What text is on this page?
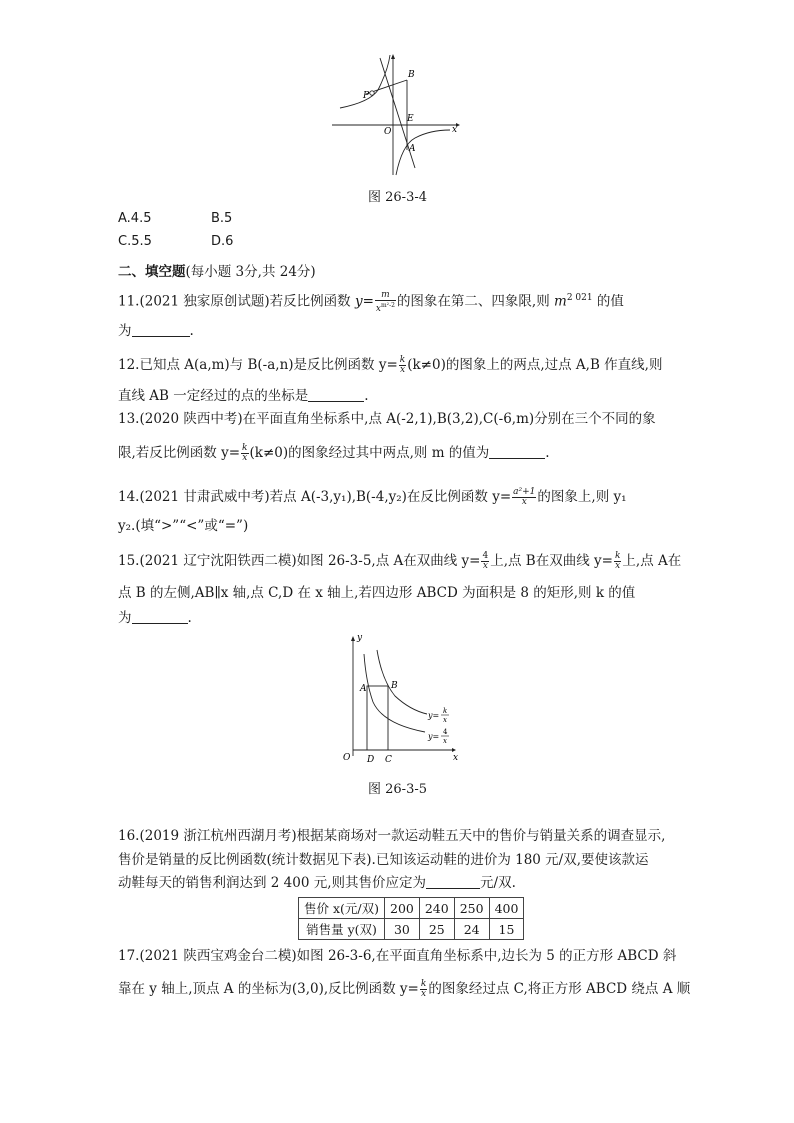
P
B
O
E
A
x
图 26-3-4
A.4.5	B.5
C.5.5	D.6
二、填空题(每小题 3分,共 24分)
11.(2021 独家原创试题)若反比例函数 $y= \frac{m}{x^{m^2-2}}$ 的图象在第二、四象限,则 $m^{2 021}$ 的值
为	.
12.已知点 A(a,m)与 B(-a,n)是反比例函数 $y= \frac{k}{x} (k\ne 0)$的图象上的两点,过点 A,B 作直线,则
直线 AB 一定经过的点的坐标是	.
13.(2020 陕西中考)在平面直角坐标系中,点 A(-2,1),B(3,2),C(-6,m)分别在三个不同的象
限,若反比例函数 $y= \frac{k}{x} (k\ne 0)$的图象经过其中两点,则 m 的值为	.
14.(2021 甘肃武威中考)若点 A(-3,y₁),B(-4,y₂)在反比例函数 $y= \frac{\text{a²+1}}{x}$ 的图象上,则 y₁
y₂.(填“>”“<”或“=”)
15.(2021 辽宁沈阳铁西二模)如图 26-3-5,点 A在双曲线 $y= \frac{4}{x}$ 上,点 B在双曲线 $y= \frac{k}{x}$ 上,点 A在
点 B 的左侧,AB∥x 轴,点 C,D 在 x 轴上,若四边形 ABCD 为面积是 8 的矩形,则 k 的值
为	.
A	B
O D C
y
x
y= k
x
y= 4
x
图 26-3-5
16.(2019 浙江杭州西湖月考)根据某商场对一款运动鞋五天中的售价与销量关系的调查显示,
售价是销量的反比例函数(统计数据见下表).已知该运动鞋的进价为 180 元/双,要使该款运
动鞋每天的销售利润达到 2 400 元,则其售价应定为	元/双.
售价 x(元/双)	200	240	250	400
销售量 y(双)	30	25	24	15
17.(2021 陕西宝鸡金台二模)如图 26-3-6,在平面直角坐标系中,边长为 5 的正方形 ABCD 斜
靠在 y 轴上,顶点 A 的坐标为(3,0),反比例函数 $y= \frac{k}{x}$ 的图象经过点 C,将正方形 ABCD 绕点 A 顺
